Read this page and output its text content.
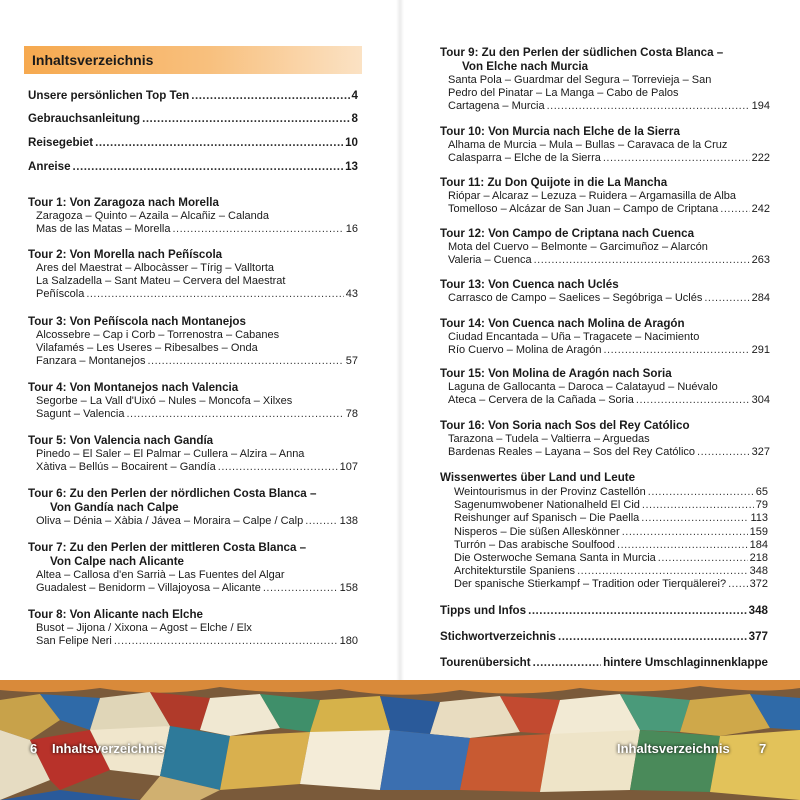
Inhaltsverzeichnis
6 Inhaltsverzeichnis	Inhaltsverzeichnis 7
Unsere persönlichen Top Ten .....	4
Gebrauchsanleitung .....	8
Reisegebiet .....	10
Anreise .....	13
Tour 1: Von Zaragoza nach Morella
Zaragoza – Quinto – Azaila – Alcañiz – Calanda
Mas de las Matas – Morella .....	16
Tour 2: Von Morella nach Peñíscola
Ares del Maestrat – Albocàsser – Tírig – Valltorta
La Salzadella – Sant Mateu – Cervera del Maestrat
Peñíscola .....	43
Tour 3: Von Peñíscola nach Montanejos
Alcossebre – Cap i Corb – Torrenostra – Cabanes
Vilafamés – Les Useres – Ribesalbes – Onda
Fanzara – Montanejos .....	57
Tour 4: Von Montanejos nach Valencia
Segorbe – La Vall d'Uixó – Nules – Moncofa – Xilxes
Sagunt – Valencia .....	78
Tour 5: Von Valencia nach Gandía
Pinedo – El Saler – El Palmar – Cullera – Alzira – Anna
Xàtiva – Bellús – Bocairent – Gandía .....	107
Tour 6: Zu den Perlen der nördlichen Costa Blanca –
Von Gandía nach Calpe
Oliva – Dénia – Xàbia / Jávea – Moraira – Calpe / Calp .....	138
Tour 7: Zu den Perlen der mittleren Costa Blanca –
Von Calpe nach Alicante
Altea – Callosa d'en Sarrià – Las Fuentes del Algar
Guadalest – Benidorm – Villajoyosa – Alicante .....	158
Tour 8: Von Alicante nach Elche
Busot – Jijona / Xixona – Agost – Elche / Elx
San Felipe Neri .....	180
Tour 9: Zu den Perlen der südlichen Costa Blanca –
Von Elche nach Murcia
Santa Pola – Guardmar del Segura – Torrevieja – San
Pedro del Pinatar – La Manga – Cabo de Palos
Cartagena – Murcia .....	194
Tour 10: Von Murcia nach Elche de la Sierra
Alhama de Murcia – Mula – Bullas – Caravaca de la Cruz
Calasparra – Elche de la Sierra .....	222
Tour 11: Zu Don Quijote in die La Mancha
Riópar – Alcaraz – Lezuza – Ruidera – Argamasilla de Alba
Tomelloso – Alcázar de San Juan – Campo de Criptana .....	242
Tour 12: Von Campo de Criptana nach Cuenca
Mota del Cuervo – Belmonte – Garcimuñoz – Alarcón
Valeria – Cuenca .....	263
Tour 13: Von Cuenca nach Uclés
Carrasco de Campo – Saelices – Segóbriga – Uclés .....	284
Tour 14: Von Cuenca nach Molina de Aragón
Ciudad Encantada – Uña – Tragacete – Nacimiento
Río Cuervo – Molina de Aragón .....	291
Tour 15: Von Molina de Aragón nach Soria
Laguna de Gallocanta – Daroca – Calatayud – Nuévalo
Ateca – Cervera de la Cañada – Soria .....	304
Tour 16: Von Soria nach Sos del Rey Católico
Tarazona – Tudela – Valtierra – Arguedas
Bardenas Reales – Layana – Sos del Rey Católico .....	327
Wissenwertes über Land und Leute
Weintourismus in der Provinz Castellón .....	65
Sagenumwobener Nationalheld El Cid .....	79
Reishunger auf Spanisch – Die Paella .....	113
Nisperos – Die süßen Alleskönner .....	159
Turrón – Das arabische Soulfood .....	184
Die Osterwoche Semana Santa in Murcia .....	218
Architekturstile Spaniens .....	348
Der spanische Stierkampf – Tradition oder Tierquälerei? ..... 372
Tipps und Infos .....	348
Stichwortverzeichnis .....	377
Tourenübersicht .....	hintere Umschlaginnenklappe
